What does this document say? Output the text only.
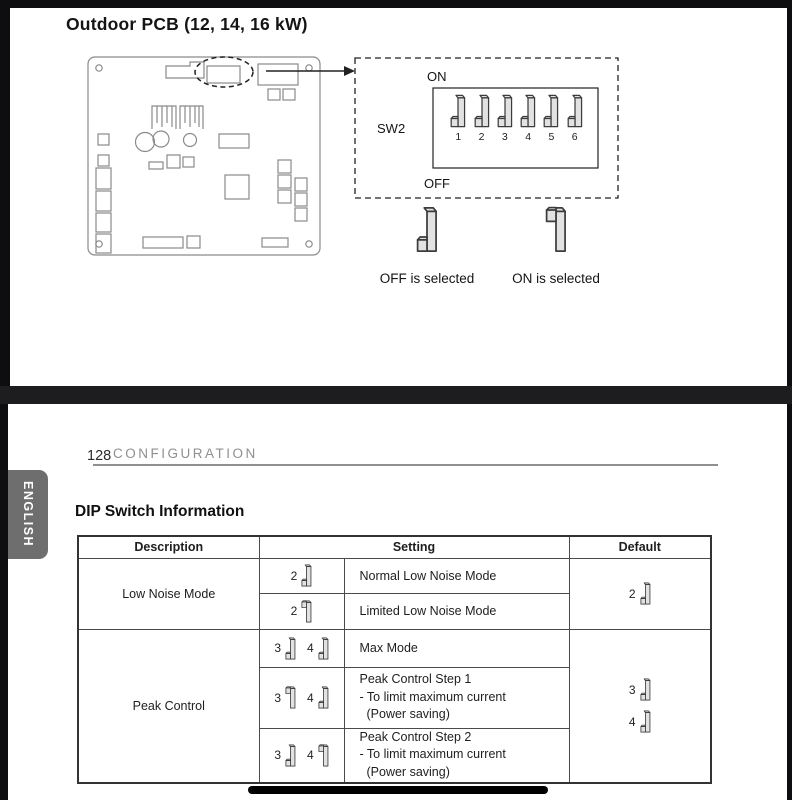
Outdoor PCB (12, 14, 16 kW)
ON
SW2
OFF
1 2 3 4 5 6
OFF is selected	ON is selected
128 CONFIGURATION
ENGLISH	DIP Switch Information
Description	Setting		Default
Low Noise Mode	2	Normal Low Noise Mode	2

	2	Limited Low Noise Mode	
Peak Control	3 4	Max Mode	3
4

	3 4	Peak Control Step 1
- To limit maximum current
(Power saving)	

	3 4	Peak Control Step 2
- To limit maximum current
(Power saving)	
